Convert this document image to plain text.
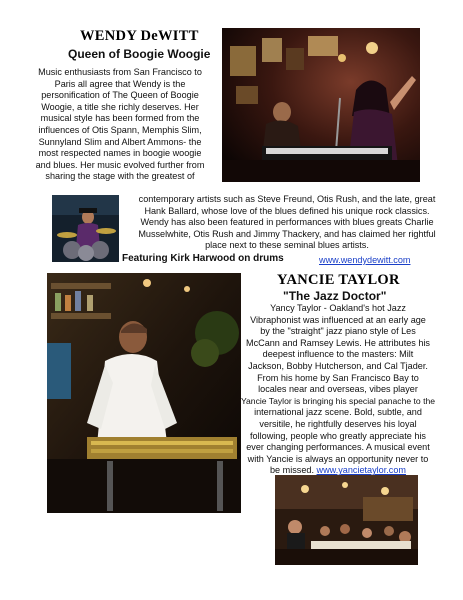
WENDY DeWITT
Queen of Boogie Woogie
Music enthusiasts from San Francisco to
Paris all agree that Wendy is the
personification of The Queen of Boogie
Woogie, a title she richly deserves. Her
musical style has been formed from the
influences of Otis Spann, Memphis Slim,
Sunnyland Slim and Albert Ammons- the
most respected names in boogie woogie
and blues. Her music evolved further from
sharing the stage with the greatest of
contemporary artists such as Steve Freund, Otis Rush, and the late, great
Hank Ballard, whose love of the blues defined his unique rock classics.
Wendy has also been featured in performances with blues greats Charlie
Musselwhite, Otis Rush and Jimmy Thackery, and has claimed her rightful
place next to these seminal blues artists.
Featuring Kirk Harwood on drums	www.wendydewitt.com
YANCIE TAYLOR
"The Jazz Doctor"
Yancy Taylor - Oakland's hot Jazz
Vibraphonist was influenced at an early age
by the "straight" jazz piano style of Les
McCann and Ramsey Lewis. He attributes his
deepest influence to the masters: Milt
Jackson, Bobby Hutcherson, and Cal Tjader.
From his home by San Francisco Bay to
locales near and overseas, vibes player
Yancie Taylor is bringing his special panache to the
international jazz scene. Bold, subtle, and
versitile, he rightfully deserves his loyal
following, people who greatly appreciate his
ever changing performances. A musical event
with Yancie is always an opportunity never to
be missed. www.yancietaylor.com
